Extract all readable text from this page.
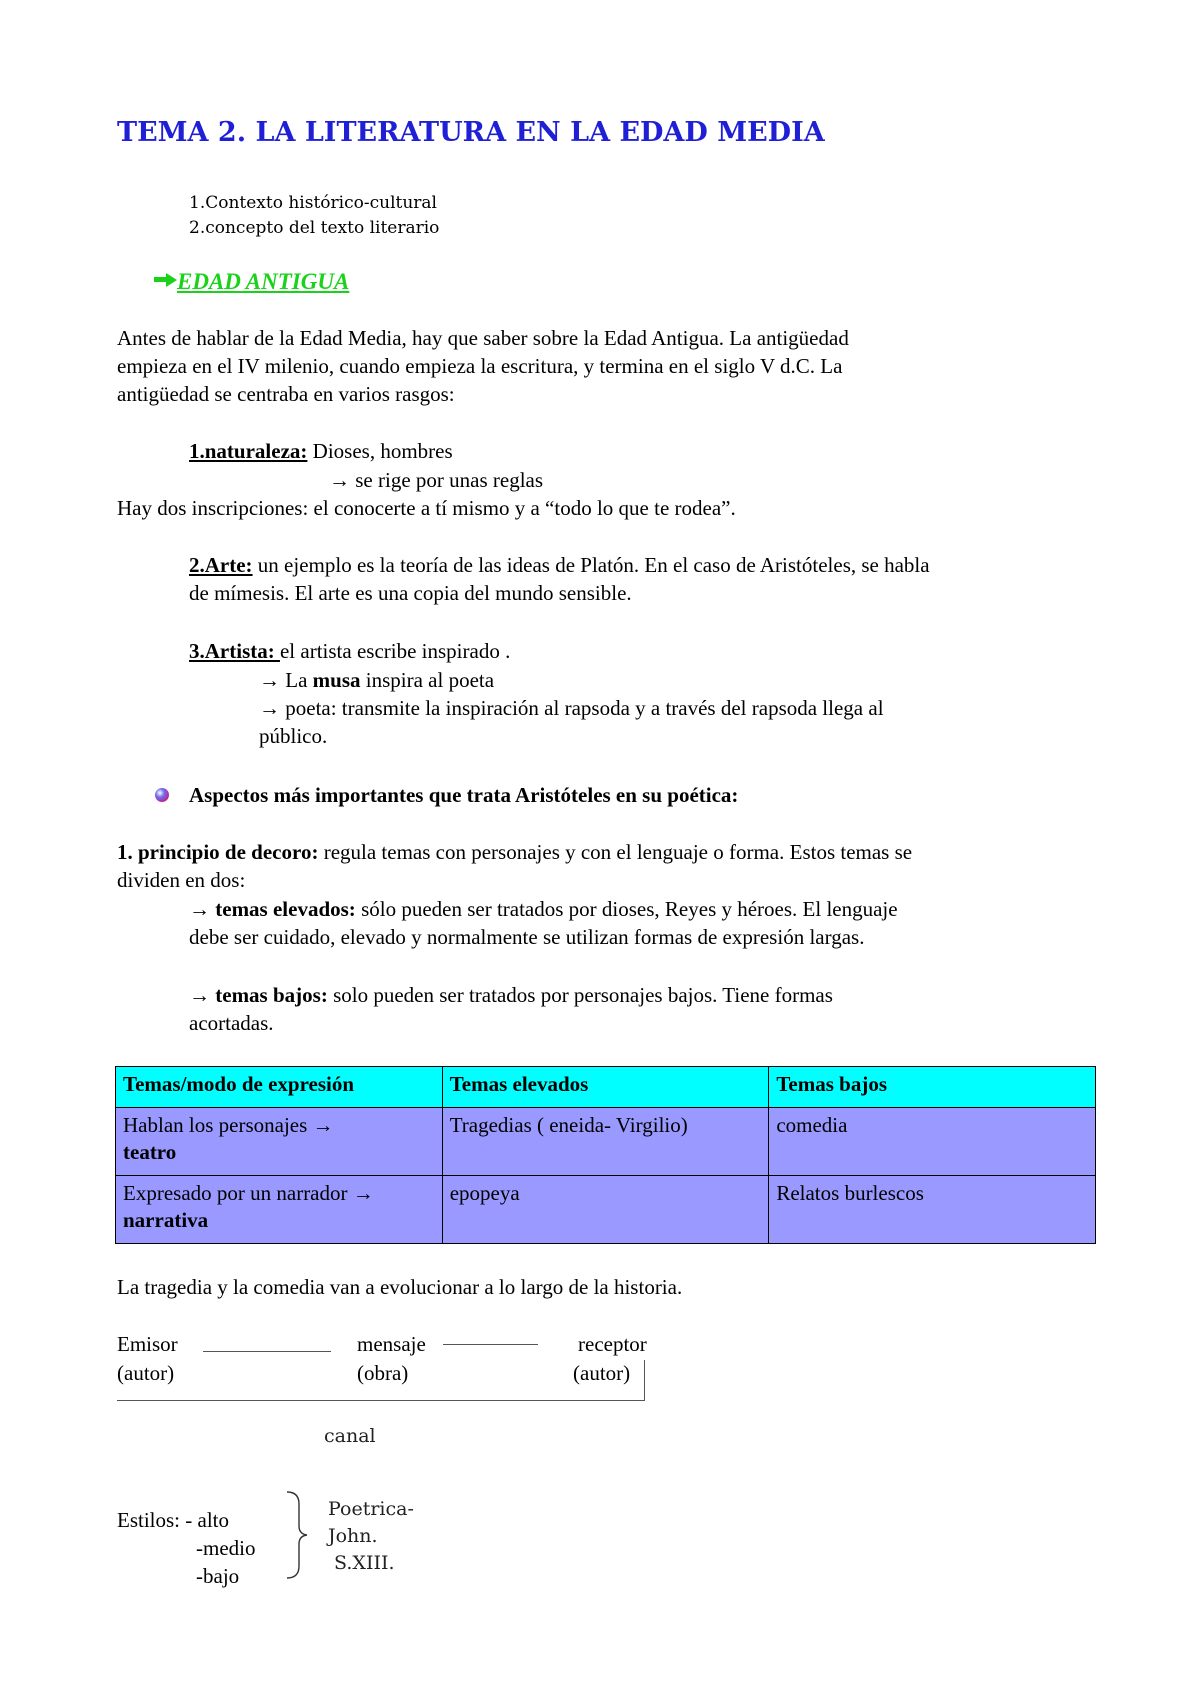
TEMA 2. LA LITERATURA EN LA EDAD MEDIA
1.Contexto histórico-cultural
2.concepto del texto literario
EDAD ANTIGUA
Antes de hablar de la Edad Media, hay que saber sobre la Edad Antigua. La antigüedad
empieza en el IV milenio, cuando empieza la escritura, y termina en el siglo V d.C. La
antigüedad se centraba en varios rasgos:
1.naturaleza: Dioses, hombres
→ se rige por unas reglas
Hay dos inscripciones: el conocerte a tí mismo y a “todo lo que te rodea”.
2.Arte: un ejemplo es la teoría de las ideas de Platón. En el caso de Aristóteles, se habla
de mímesis. El arte es una copia del mundo sensible.
3.Artista: el artista escribe inspirado .
→ La musa inspira al poeta
→ poeta: transmite la inspiración al rapsoda y a través del rapsoda llega al
público.
Aspectos más importantes que trata Aristóteles en su poética:
1. principio de decoro: regula temas con personajes y con el lenguaje o forma. Estos temas se
dividen en dos:
→ temas elevados: sólo pueden ser tratados por dioses, Reyes y héroes. El lenguaje
debe ser cuidado, elevado y normalmente se utilizan formas de expresión largas.
→ temas bajos: solo pueden ser tratados por personajes bajos. Tiene formas
acortadas.
Temas/modo de expresión	Temas elevados	Temas bajos

Hablan los personajes →
teatro	Tragedias ( eneida- Virgilio)	comedia

Expresado por un narrador →
narrativa	epopeya	Relatos burlescos
La tragedia y la comedia van a evolucionar a lo largo de la historia.
Emisor
(autor)
mensaje
(obra)
receptor
(autor)
canal
Estilos: - alto
-medio
-bajo
Poetrica-
John.
S.XIII.
